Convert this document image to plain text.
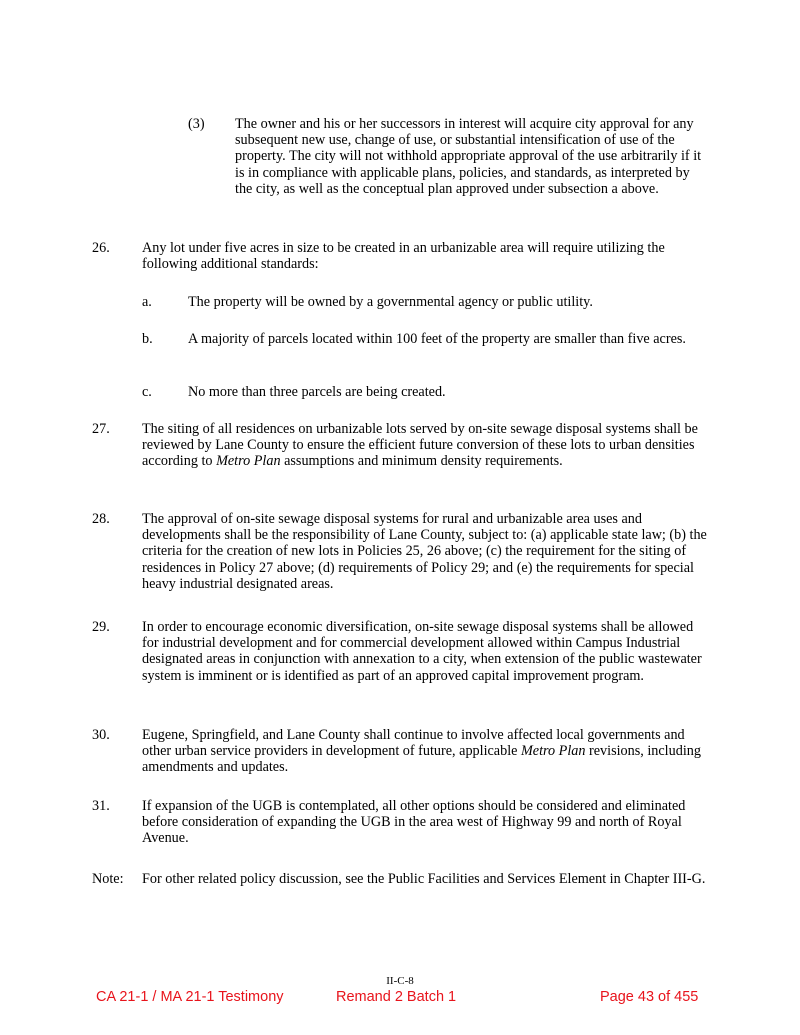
(3) The owner and his or her successors in interest will acquire city approval for any subsequent new use, change of use, or substantial intensification of use of the property. The city will not withhold appropriate approval of the use arbitrarily if it is in compliance with applicable plans, policies, and standards, as interpreted by the city, as well as the conceptual plan approved under subsection a above.
26. Any lot under five acres in size to be created in an urbanizable area will require utilizing the following additional standards:
a.	The property will be owned by a governmental agency or public utility.
b. A majority of parcels located within 100 feet of the property are smaller than five acres.
c.	No more than three parcels are being created.
27. The siting of all residences on urbanizable lots served by on-site sewage disposal systems shall be reviewed by Lane County to ensure the efficient future conversion of these lots to urban densities according to Metro Plan assumptions and minimum density requirements.
28. The approval of on-site sewage disposal systems for rural and urbanizable area uses and developments shall be the responsibility of Lane County, subject to: (a) applicable state law; (b) the criteria for the creation of new lots in Policies 25, 26 above; (c) the requirement for the siting of residences in Policy 27 above; (d) requirements of Policy 29; and (e) the requirements for special heavy industrial designated areas.
29. In order to encourage economic diversification, on-site sewage disposal systems shall be allowed for industrial development and for commercial development allowed within Campus Industrial designated areas in conjunction with annexation to a city, when extension of the public wastewater system is imminent or is identified as part of an approved capital improvement program.
30. Eugene, Springfield, and Lane County shall continue to involve affected local governments and other urban service providers in development of future, applicable Metro Plan revisions, including amendments and updates.
31. If expansion of the UGB is contemplated, all other options should be considered and eliminated before consideration of expanding the UGB in the area west of Highway 99 and north of Royal Avenue.
Note: For other related policy discussion, see the Public Facilities and Services Element in Chapter III-G.
II-C-8
CA 21-1 / MA 21-1 Testimony	Remand 2 Batch 1	Page 43 of 455
